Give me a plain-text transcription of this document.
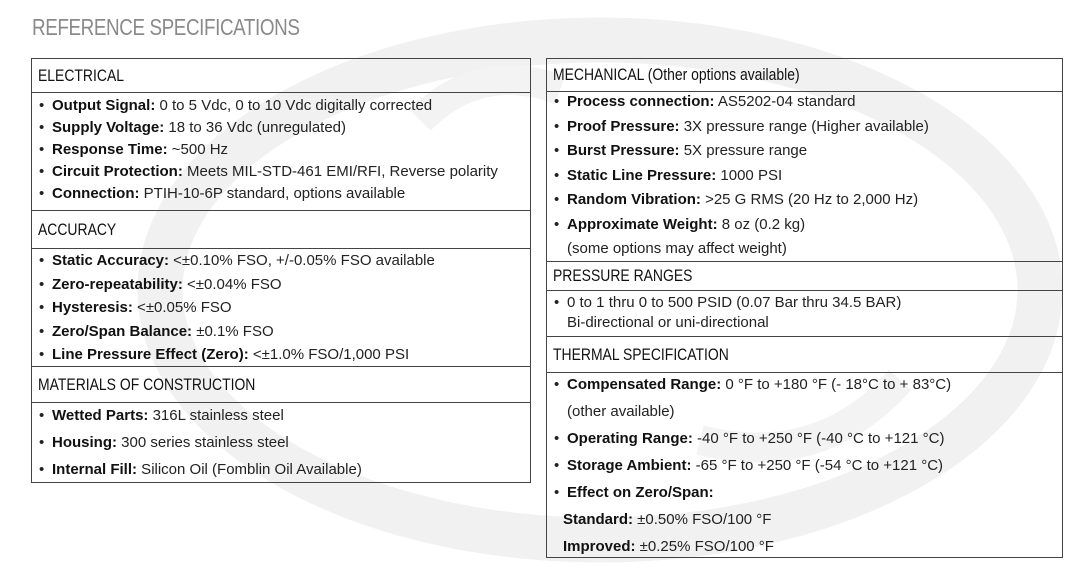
REFERENCE SPECIFICATIONS
ELECTRICAL
• Output Signal: 0 to 5 Vdc, 0 to 10 Vdc digitally corrected
• Supply Voltage: 18 to 36 Vdc (unregulated)
• Response Time: ~500 Hz
• Circuit Protection: Meets MIL-STD-461 EMI/RFI, Reverse polarity
• Connection: PTIH-10-6P standard, options available
ACCURACY
• Static Accuracy: <±0.10% FSO, +/-0.05% FSO available
• Zero-repeatability: <±0.04% FSO
• Hysteresis: <±0.05% FSO
• Zero/Span Balance: ±0.1% FSO
• Line Pressure Effect (Zero): <±1.0% FSO/1,000 PSI
MATERIALS OF CONSTRUCTION
• Wetted Parts: 316L stainless steel
• Housing: 300 series stainless steel
• Internal Fill: Silicon Oil (Fomblin Oil Available)
MECHANICAL (Other options available)
• Process connection: AS5202-04 standard
• Proof Pressure: 3X pressure range (Higher available)
• Burst Pressure: 5X pressure range
• Static Line Pressure: 1000 PSI
• Random Vibration: >25 G RMS (20 Hz to 2,000 Hz)
• Approximate Weight: 8 oz (0.2 kg)
(some options may affect weight)
PRESSURE RANGES
• 0 to 1 thru 0 to 500 PSID (0.07 Bar thru 34.5 BAR)
Bi-directional or uni-directional
THERMAL SPECIFICATION
• Compensated Range: 0 °F to +180 °F (- 18°C to + 83°C)
(other available)
• Operating Range: -40 °F to +250 °F (-40 °C to +121 °C)
• Storage Ambient: -65 °F to +250 °F (-54 °C to +121 °C)
• Effect on Zero/Span:
Standard: ±0.50% FSO/100 °F
Improved: ±0.25% FSO/100 °F
